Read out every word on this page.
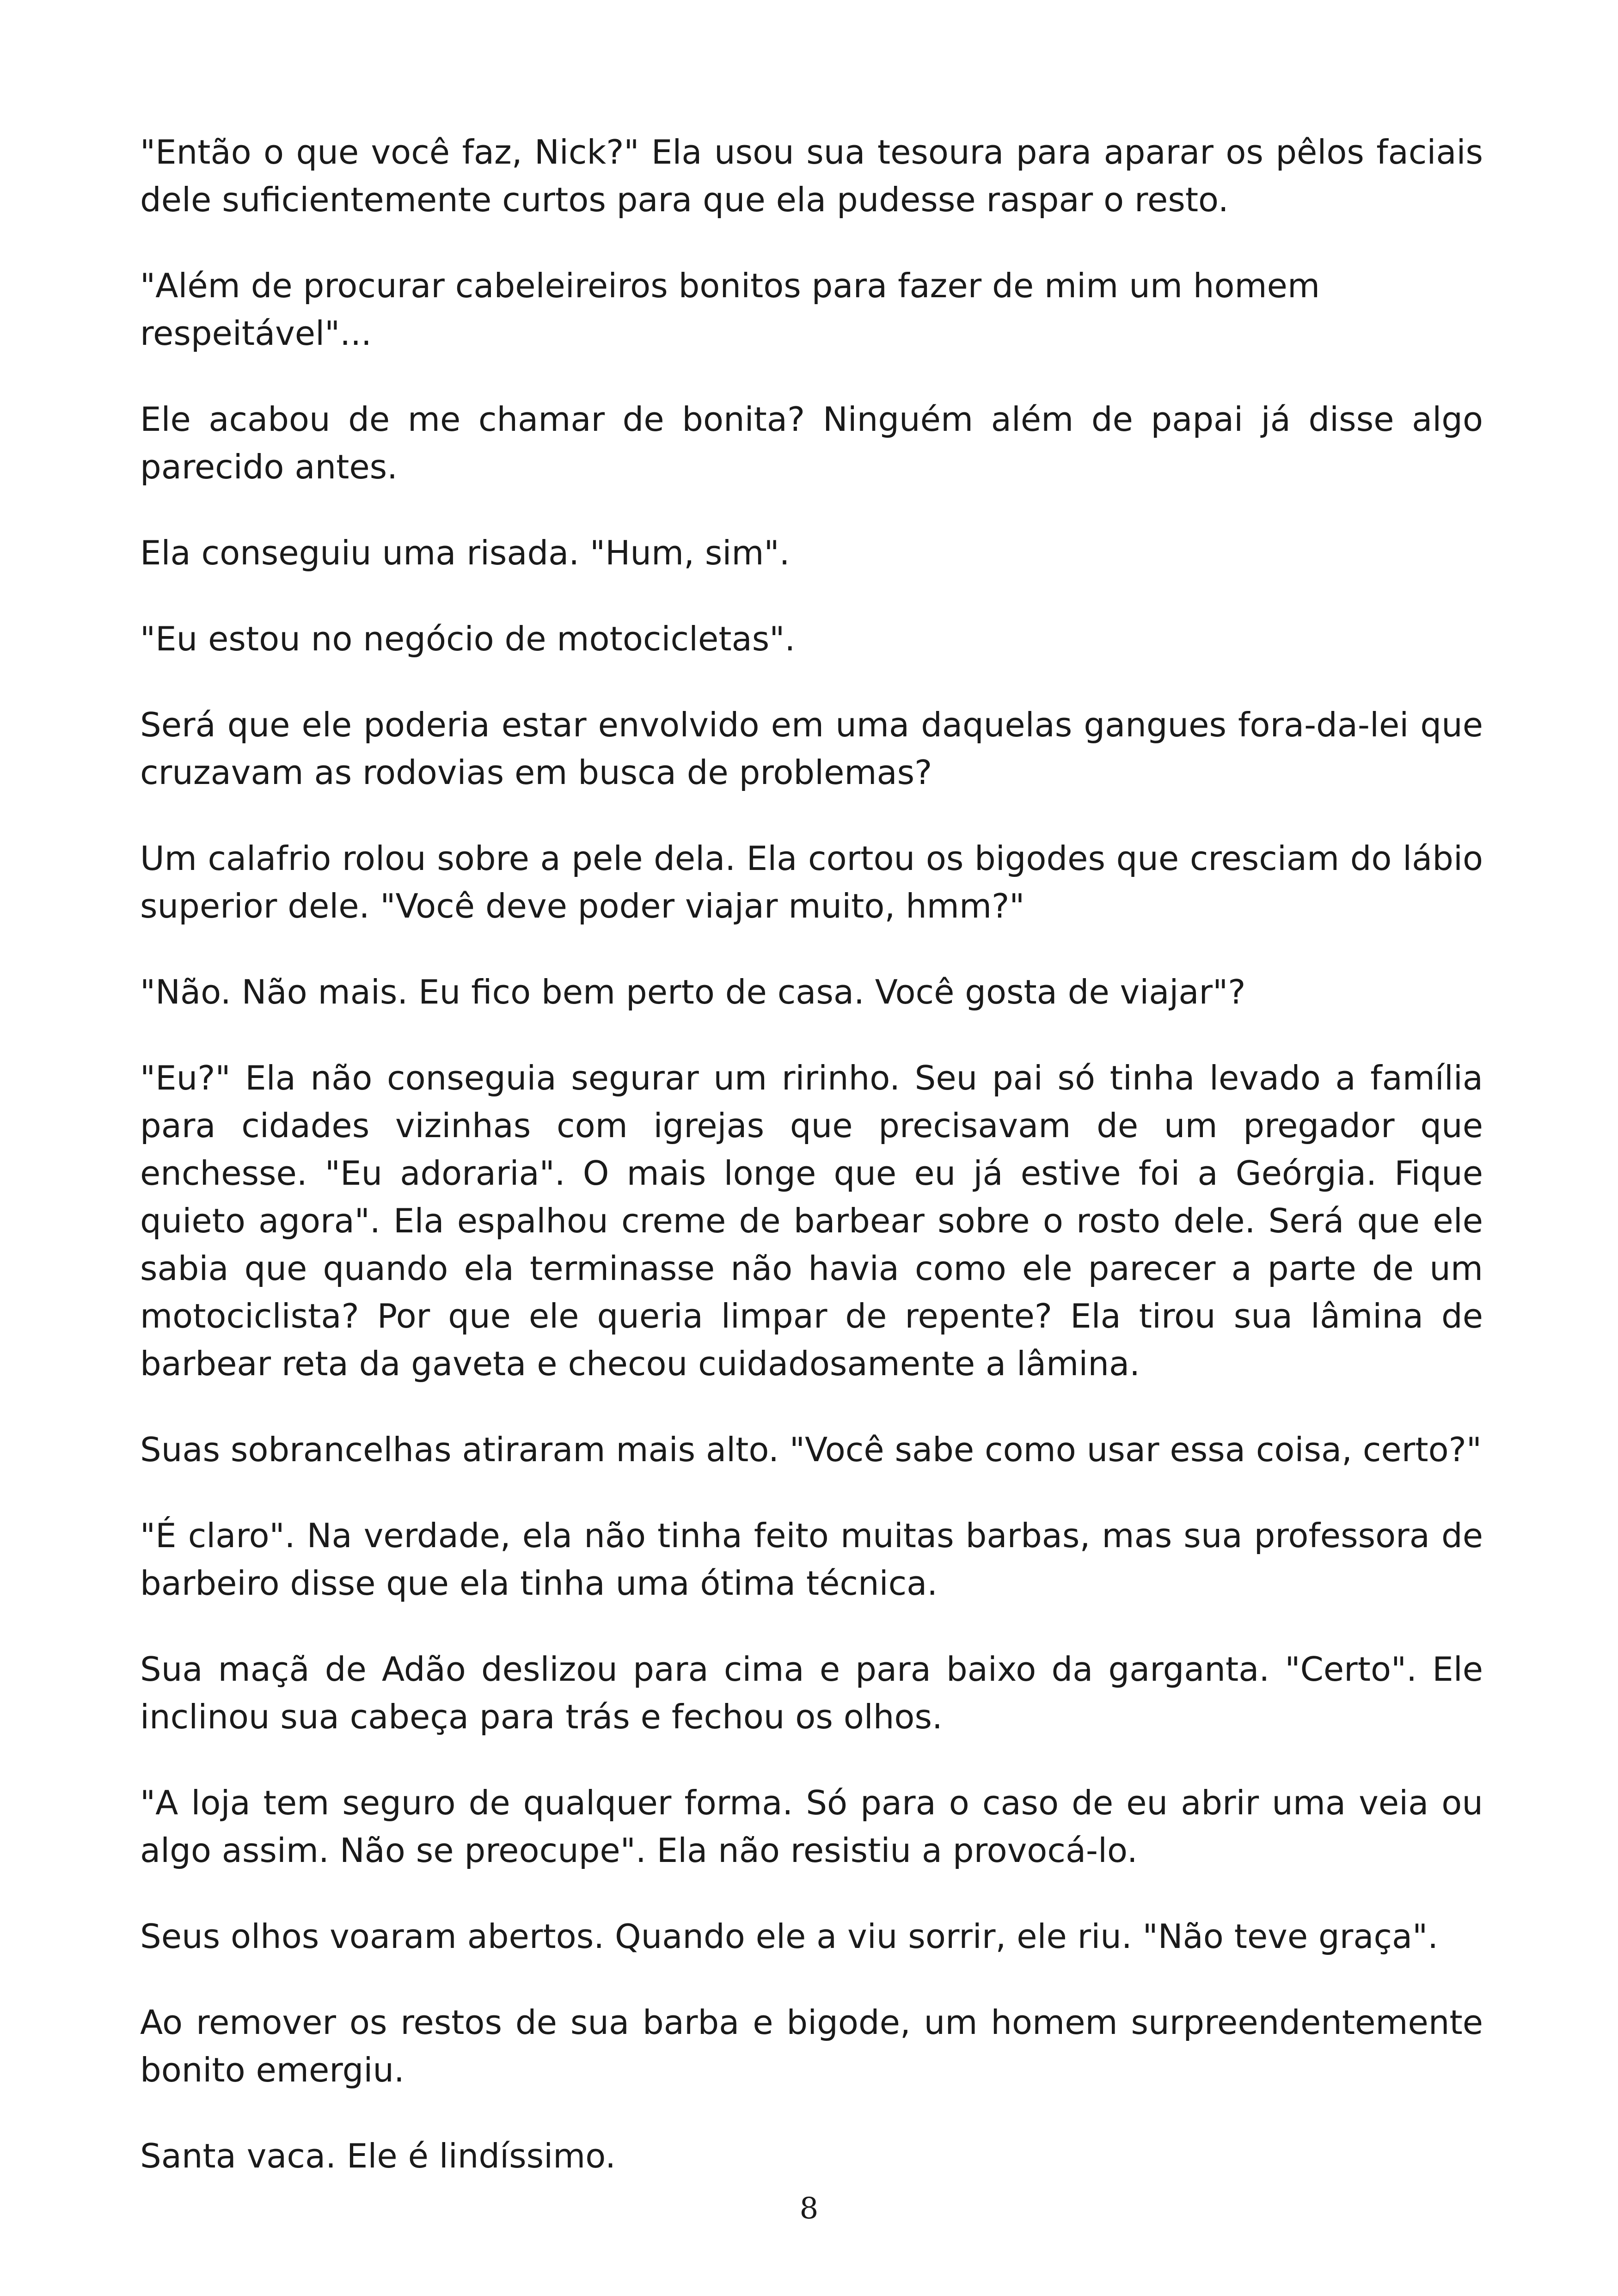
"Então o que você faz, Nick?" Ela usou sua tesoura para aparar os pêlos faciais dele suficientemente curtos para que ela pudesse raspar o resto.

"Além de procurar cabeleireiros bonitos para fazer de mim um homem respeitável"...

Ele acabou de me chamar de bonita? Ninguém além de papai já disse algo parecido antes.

Ela conseguiu uma risada. "Hum, sim".

"Eu estou no negócio de motocicletas".

Será que ele poderia estar envolvido em uma daquelas gangues fora-da-lei que cruzavam as rodovias em busca de problemas?

Um calafrio rolou sobre a pele dela. Ela cortou os bigodes que cresciam do lábio superior dele. "Você deve poder viajar muito, hmm?"

"Não. Não mais. Eu fico bem perto de casa. Você gosta de viajar"?

"Eu?" Ela não conseguia segurar um ririnho. Seu pai só tinha levado a família para cidades vizinhas com igrejas que precisavam de um pregador que enchesse. "Eu adoraria". O mais longe que eu já estive foi a Geórgia. Fique quieto agora". Ela espalhou creme de barbear sobre o rosto dele. Será que ele sabia que quando ela terminasse não havia como ele parecer a parte de um motociclista? Por que ele queria limpar de repente? Ela tirou sua lâmina de barbear reta da gaveta e checou cuidadosamente a lâmina.

Suas sobrancelhas atiraram mais alto. "Você sabe como usar essa coisa, certo?"

"É claro". Na verdade, ela não tinha feito muitas barbas, mas sua professora de barbeiro disse que ela tinha uma ótima técnica.

Sua maçã de Adão deslizou para cima e para baixo da garganta. "Certo". Ele inclinou sua cabeça para trás e fechou os olhos.

"A loja tem seguro de qualquer forma. Só para o caso de eu abrir uma veia ou algo assim. Não se preocupe". Ela não resistiu a provocá-lo.

Seus olhos voaram abertos. Quando ele a viu sorrir, ele riu. "Não teve graça".

Ao remover os restos de sua barba e bigode, um homem surpreendentemente bonito emergiu.

Santa vaca. Ele é lindíssimo.

8
